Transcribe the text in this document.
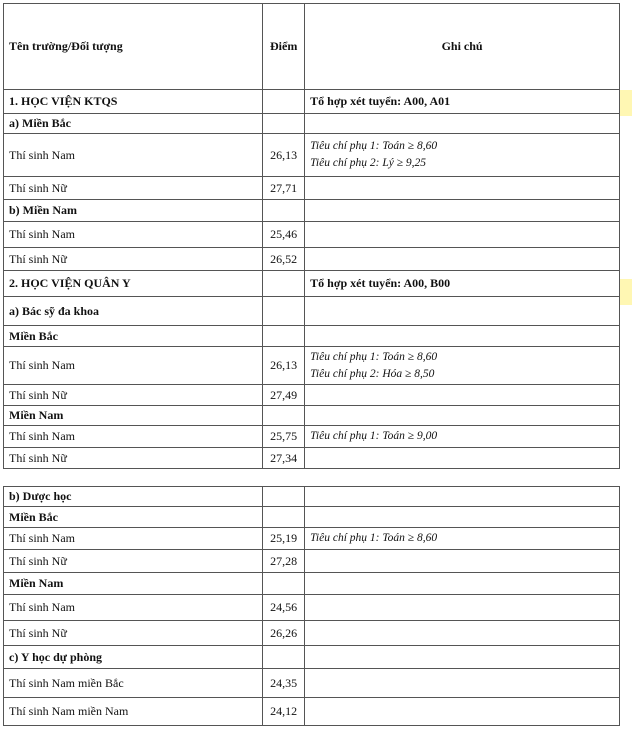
Tên trường/Đối tượng	Điểm	Ghi chú
1. HỌC VIỆN KTQS		Tổ hợp xét tuyển: A00, A01
a) Miền Bắc		
Thí sinh Nam	26,13	Tiêu chí phụ 1: Toán ≥ 8,60
Tiêu chí phụ 2: Lý ≥ 9,25

Thí sinh Nữ	27,71	
b) Miền Nam		
Thí sinh Nam	25,46	
Thí sinh Nữ	26,52	
2. HỌC VIỆN QUÂN Y		Tổ hợp xét tuyển: A00, B00
a) Bác sỹ đa khoa		
Miền Bắc		
Thí sinh Nam	26,13	Tiêu chí phụ 1: Toán ≥ 8,60
Tiêu chí phụ 2: Hóa ≥ 8,50

Thí sinh Nữ	27,49	
Miền Nam		
Thí sinh Nam	25,75	Tiêu chí phụ 1: Toán ≥ 9,00

Thí sinh Nữ	27,34	

b) Dược học		
Miền Bắc		
Thí sinh Nam	25,19	Tiêu chí phụ 1: Toán ≥ 8,60

Thí sinh Nữ	27,28	
Miền Nam		
Thí sinh Nam	24,56	
Thí sinh Nữ	26,26	
c) Y học dự phòng		
Thí sinh Nam miền Bắc	24,35	
Thí sinh Nam miền Nam	24,12	
